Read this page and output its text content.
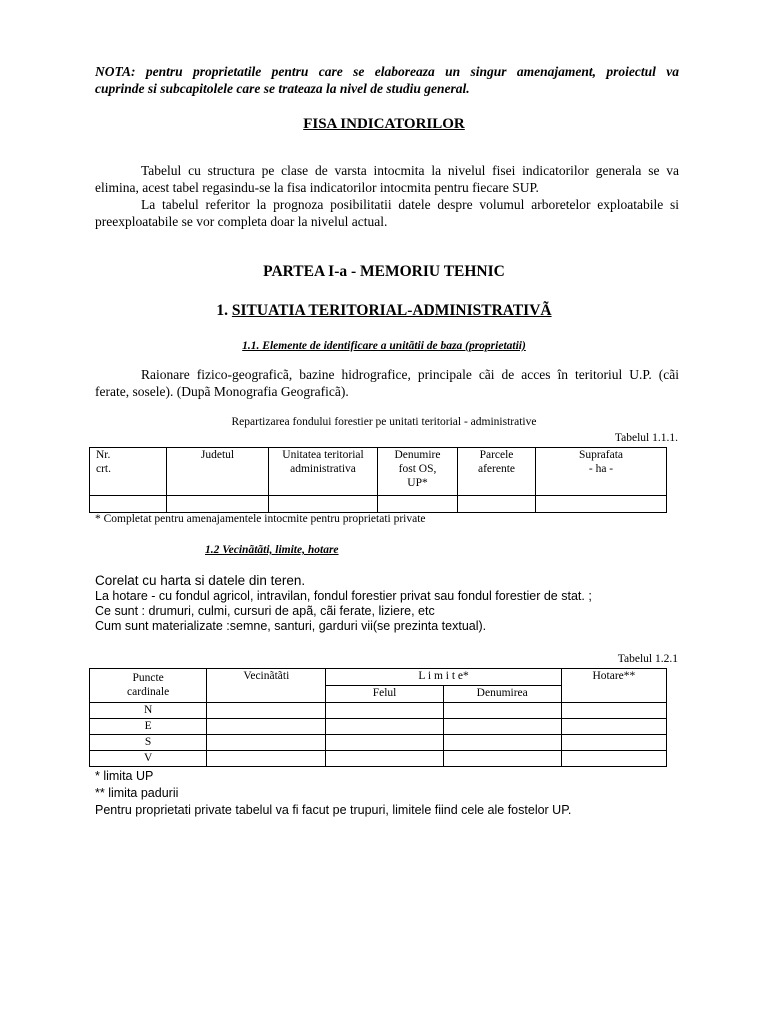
NOTA: pentru proprietatile pentru care se elaboreaza un singur amenajament, proiectul va
cuprinde si subcapitolele care se trateaza la nivel de studiu general.
FISA INDICATORILOR
Tabelul cu structura pe clase de varsta intocmita la nivelul fisei indicatorilor generala se va
elimina, acest tabel regasindu-se la fisa indicatorilor intocmita pentru fiecare SUP.
La tabelul referitor la prognoza posibilitatii datele despre volumul arboretelor exploatabile si
preexploatabile se vor completa doar la nivelul actual.
PARTEA I-a - MEMORIU TEHNIC
1. SITUATIA TERITORIAL-ADMINISTRATIVÃ
1.1. Elemente de identificare a unitãtii de baza (proprietatii)
Raionare fizico-geograficã, bazine hidrografice, principale cãi de acces în teritoriul U.P. (cãi
ferate, sosele). (Dupã Monografia Geograficã).
Repartizarea fondului forestier pe unitati teritorial - administrative
Tabelul 1.1.1.
Nr.
crt.	Judetul	Unitatea teritorial
administrativa	Denumire
fost OS,
UP*	Parcele
aferente	Suprafata
- ha -

* Completat pentru amenajamentele intocmite pentru proprietati private
1.2 Vecinãtãti, limite, hotare
Corelat cu harta si datele din teren.
La hotare - cu fondul agricol, intravilan, fondul forestier privat sau fondul forestier de stat. ;
Ce sunt : drumuri, culmi, cursuri de apã, cãi ferate, liziere, etc
Cum sunt materializate :semne, santuri, garduri vii(se prezinta textual).
Tabelul 1.2.1
Puncte
cardinale	Vecinãtãti	L i m i t e*		Hotare**
		Felul	Denumirea	
N				
E				
S				
V				
* limita UP
** limita padurii
Pentru proprietati private tabelul va fi facut pe trupuri, limitele fiind cele ale fostelor UP.
